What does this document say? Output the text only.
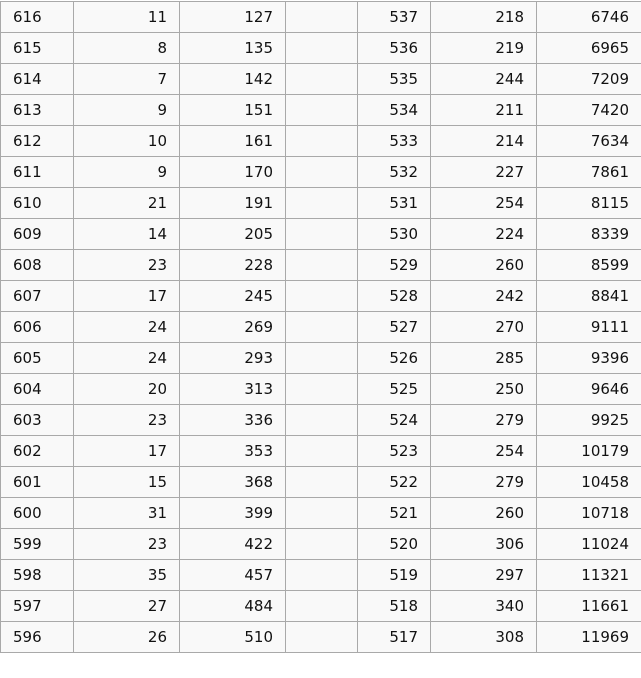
616	11	127		537	218	6746
615	8	135		536	219	6965
614	7	142		535	244	7209
613	9	151		534	211	7420
612	10	161		533	214	7634
611	9	170		532	227	7861
610	21	191		531	254	8115
609	14	205		530	224	8339
608	23	228		529	260	8599
607	17	245		528	242	8841
606	24	269		527	270	9111
605	24	293		526	285	9396
604	20	313		525	250	9646
603	23	336		524	279	9925
602	17	353		523	254	10179
601	15	368		522	279	10458
600	31	399		521	260	10718
599	23	422		520	306	11024
598	35	457		519	297	11321
597	27	484		518	340	11661
596	26	510		517	308	11969
